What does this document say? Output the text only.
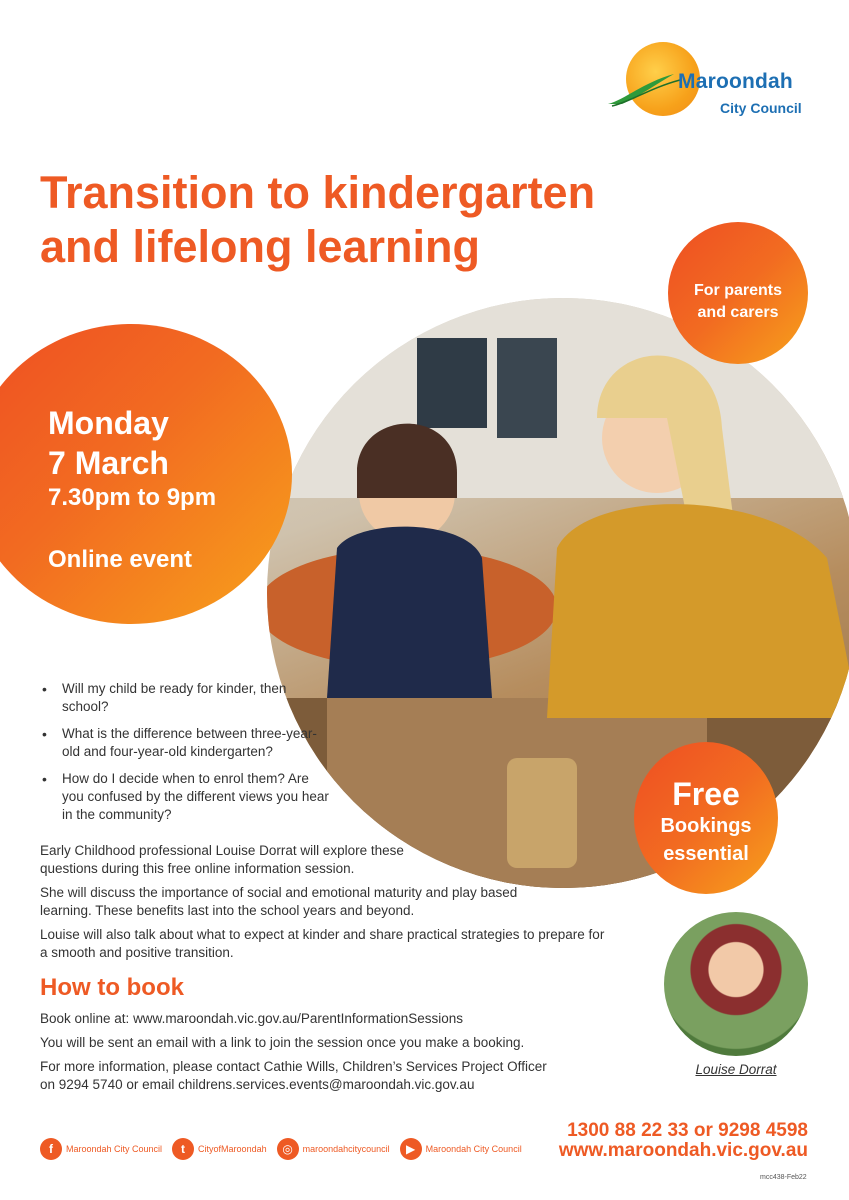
Maroondah
City Council
Transition to kindergarten
and lifelong learning
Monday
7 March
7.30pm to 9pm
Online event
For parents
and carers
• Will my child be ready for kinder, then school?
• What is the difference between three-year-old and four-year-old kindergarten?
• How do I decide when to enrol them? Are you confused by the different views you hear in the community?
Free
Bookings
essential

Early Childhood professional Louise Dorrat will explore these questions during this free online information session.

She will discuss the importance of social and emotional maturity and play based learning. These benefits last into the school years and beyond.

Louise will also talk about what to expect at kinder and share practical strategies to prepare for a smooth and positive transition.

How to book

Book online at: www.maroondah.vic.gov.au/ParentInformationSessions

You will be sent an email with a link to join the session once you make a booking.

For more information, please contact Cathie Wills, Children’s Services Project Officer
on 9294 5740 or email childrens.services.events@maroondah.vic.gov.au

Louise Dorrat
f	Maroondah City Council	t	CityofMaroondah	◎	maroondahcitycouncil	▶	Maroondah City Council
1300 88 22 33 or 9298 4598
www.maroondah.vic.gov.au
mcc438-Feb22
